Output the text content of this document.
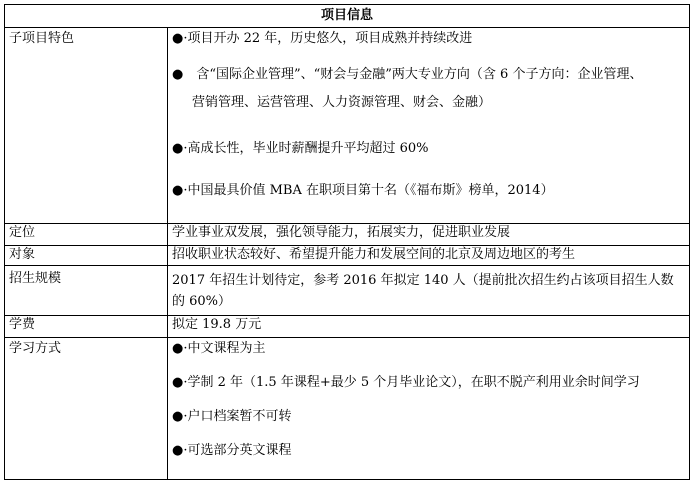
项目信息	
子项目特色	●·项目开办 22 年，历史悠久，项目成熟并持续改进
●　含“国际企业管理”、“财会与金融”两大专业方向（含 6 个子方向：企业管理、
营销管理、运营管理、人力资源管理、财会、金融）
●·高成长性，毕业时薪酬提升平均超过 60%
●·中国最具价值 MBA 在职项目第十名（《福布斯》榜单，2014）

定位	学业事业双发展，强化领导能力，拓展实力，促进职业发展
对象	招收职业状态较好、希望提升能力和发展空间的北京及周边地区的考生
招生规模	2017 年招生计划待定，参考 2016 年拟定 140 人（提前批次招生约占该项目招生人数的 60%）
学费	拟定 19.8 万元
学习方式	●·中文课程为主
●·学制 2 年（1.5 年课程+最少 5 个月毕业论文），在职不脱产利用业余时间学习
●·户口档案暂不可转
●·可选部分英文课程
